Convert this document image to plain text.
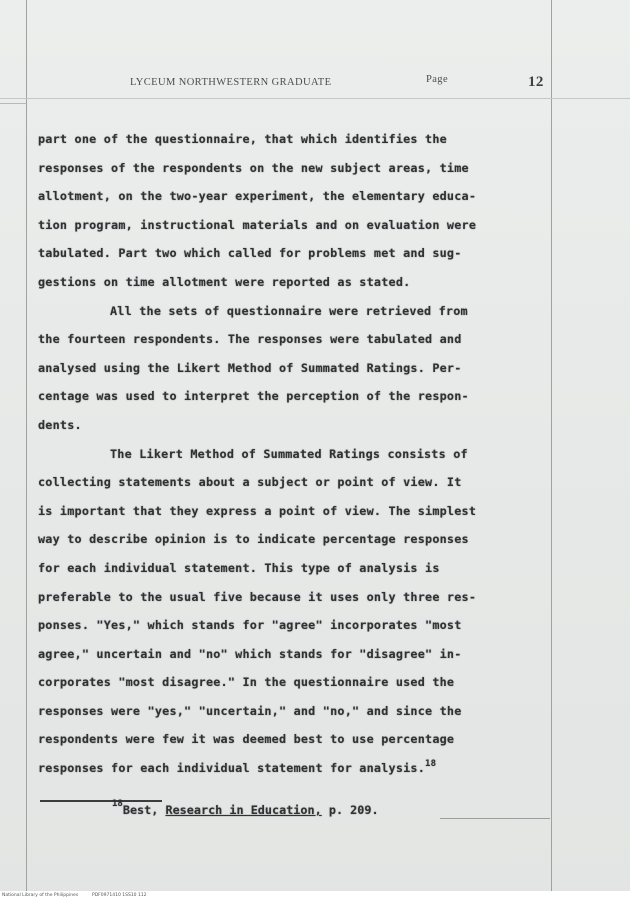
LYCEUM NORTHWESTERN GRADUATE	Page	12
part one of the questionnaire, that which identifies the
responses of the respondents on the new subject areas, time
allotment, on the two-year experiment, the elementary educa-
tion program, instructional materials and on evaluation were
tabulated. Part two which called for problems met and sug-
gestions on time allotment were reported as stated.
All the sets of questionnaire were retrieved from
the fourteen respondents. The responses were tabulated and
analysed using the Likert Method of Summated Ratings. Per-
centage was used to interpret the perception of the respon-
dents.
The Likert Method of Summated Ratings consists of
collecting statements about a subject or point of view. It
is important that they express a point of view. The simplest
way to describe opinion is to indicate percentage responses
for each individual statement. This type of analysis is
preferable to the usual five because it uses only three res-
ponses. "Yes," which stands for "agree" incorporates "most
agree," uncertain and "no" which stands for "disagree" in-
corporates "most disagree." In the questionnaire used the
responses were "yes," "uncertain," and "no," and since the
respondents were few it was deemed best to use percentage
responses for each individual statement for analysis.$^{18}$
$^{18}$Best, Research in Education, p. 209.
National Library of the Philippines	PDF0971410 1SS10 112
